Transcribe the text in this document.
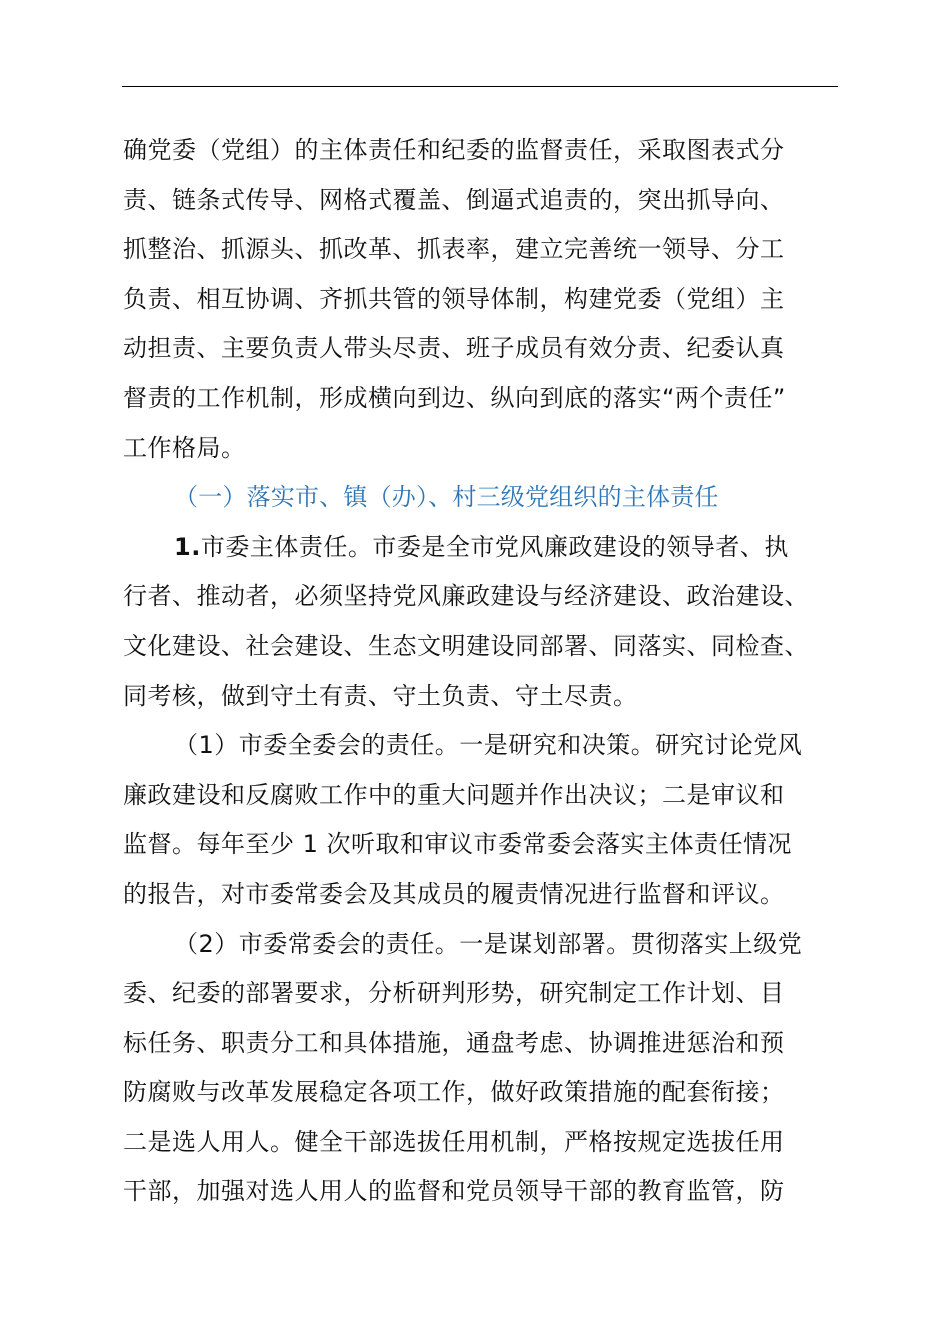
确党委（党组）的主体责任和纪委的监督责任，采取图表式分

责、链条式传导、网格式覆盖、倒逼式追责的，突出抓导向、

抓整治、抓源头、抓改革、抓表率，建立完善统一领导、分工

负责、相互协调、齐抓共管的领导体制，构建党委（党组）主

动担责、主要负责人带头尽责、班子成员有效分责、纪委认真

督责的工作机制，形成横向到边、纵向到底的落实“两个责任”

工作格局。

（一）落实市、镇（办）、村三级党组织的主体责任

1.市委主体责任。市委是全市党风廉政建设的领导者、执

行者、推动者，必须坚持党风廉政建设与经济建设、政治建设、

文化建设、社会建设、生态文明建设同部署、同落实、同检查、

同考核，做到守土有责、守土负责、守土尽责。

（1）市委全委会的责任。一是研究和决策。研究讨论党风

廉政建设和反腐败工作中的重大问题并作出决议；二是审议和

监督。每年至少 1 次听取和审议市委常委会落实主体责任情况

的报告，对市委常委会及其成员的履责情况进行监督和评议。

（2）市委常委会的责任。一是谋划部署。贯彻落实上级党

委、纪委的部署要求，分析研判形势，研究制定工作计划、目

标任务、职责分工和具体措施，通盘考虑、协调推进惩治和预

防腐败与改革发展稳定各项工作，做好政策措施的配套衔接；

二是选人用人。健全干部选拔任用机制，严格按规定选拔任用

干部，加强对选人用人的监督和党员领导干部的教育监管，防
